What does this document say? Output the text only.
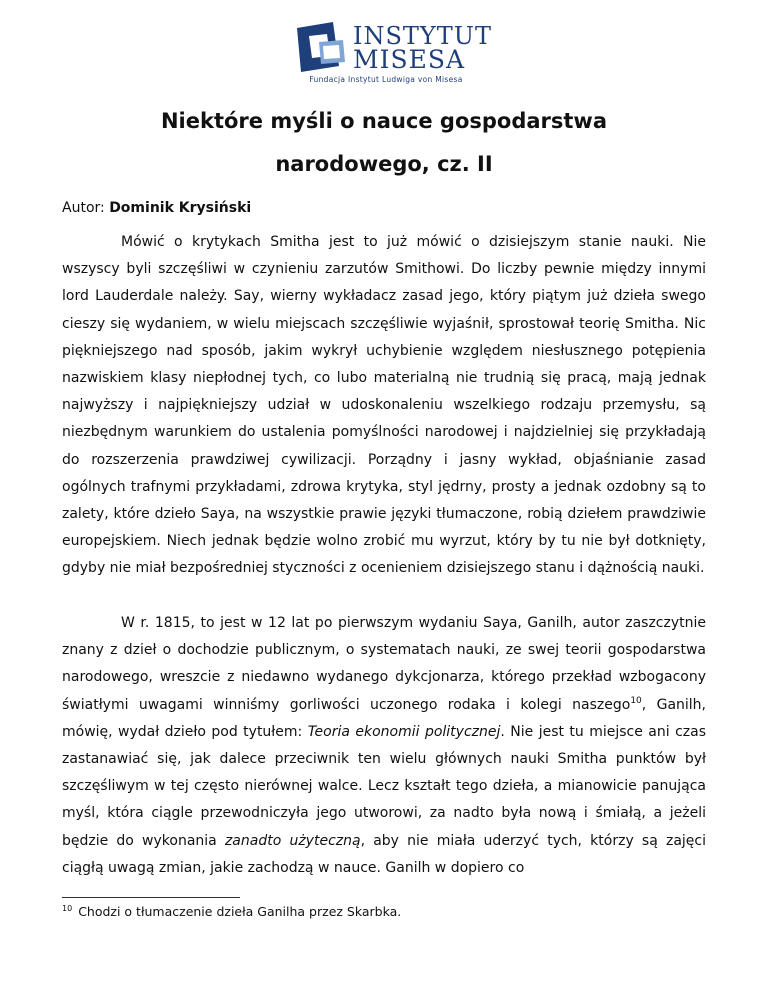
INSTYTUT
MISESA
Fundacja Instytut Ludwiga von Misesa
Niektóre myśli o nauce gospodarstwa
narodowego, cz. II
Autor: Dominik Krysiński
Mówić o krytykach Smitha jest to już mówić o dzisiejszym stanie nauki. Nie wszyscy byli szczęśliwi w czynieniu zarzutów Smithowi. Do liczby pewnie między innymi lord Lauderdale należy. Say, wierny wykładacz zasad jego, który piątym już dzieła swego cieszy się wydaniem, w wielu miejscach szczęśliwie wyjaśnił, sprostował teorię Smitha. Nic piękniejszego nad sposób, jakim wykrył uchybienie względem niesłusznego potępienia nazwiskiem klasy niepłodnej tych, co lubo materialną nie trudnią się pracą, mają jednak najwyższy i najpiękniejszy udział w udoskonaleniu wszelkiego rodzaju przemysłu, są niezbędnym warunkiem do ustalenia pomyślności narodowej i najdzielniej się przykładają do rozszerzenia prawdziwej cywilizacji. Porządny i jasny wykład, objaśnianie zasad ogólnych trafnymi przykładami, zdrowa krytyka, styl jędrny, prosty a jednak ozdobny są to zalety, które dzieło Saya, na wszystkie prawie języki tłumaczone, robią dziełem prawdziwie europejskiem. Niech jednak będzie wolno zrobić mu wyrzut, który by tu nie był dotknięty, gdyby nie miał bezpośredniej styczności z ocenieniem dzisiejszego stanu i dążnością nauki.
W r. 1815, to jest w 12 lat po pierwszym wydaniu Saya, Ganilh, autor zaszczytnie znany z dzieł o dochodzie publicznym, o systematach nauki, ze swej teorii gospodarstwa narodowego, wreszcie z niedawno wydanego dykcjonarza, którego przekład wzbogacony światłymi uwagami winniśmy gorliwości uczonego rodaka i kolegi naszego$^{10}$, Ganilh, mówię, wydał dzieło pod tytułem: Teoria ekonomii politycznej. Nie jest tu miejsce ani czas zastanawiać się, jak dalece przeciwnik ten wielu głównych nauki Smitha punktów był szczęśliwym w tej często nierównej walce. Lecz kształt tego dzieła, a mianowicie panująca myśl, która ciągle przewodniczyła jego utworowi, za nadto była nową i śmiałą, a jeżeli będzie do wykonania zanadto użyteczną, aby nie miała uderzyć tych, którzy są zajęci ciągłą uwagą zmian, jakie zachodzą w nauce. Ganilh w dopiero co
$^{10}$ Chodzi o tłumaczenie dzieła Ganilha przez Skarbka.
